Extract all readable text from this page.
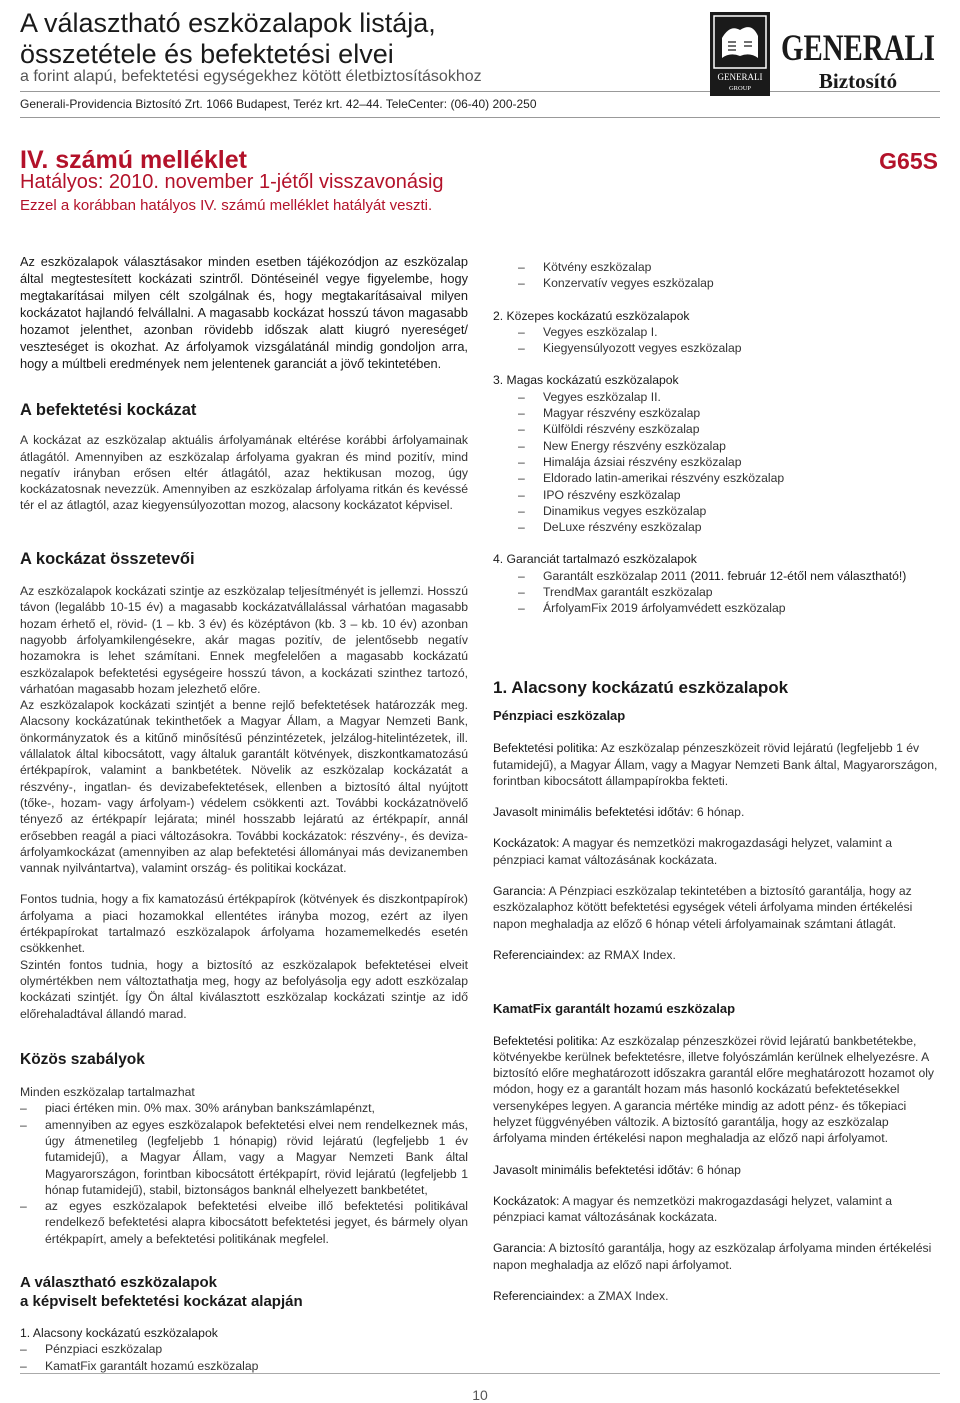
A választható eszközalapok listája,
összetétele és befektetési elvei
a forint alapú, befektetési egységekhez kötött életbiztosításokhoz
Generali-Providencia Biztosító Zrt. 1066 Budapest, Teréz krt. 42–44. TeleCenter: (06-40) 200-250
GENERALI
GROUP
GENERALI
Biztosító
IV. számú melléklet
Hatályos: 2010. november 1-jétől visszavonásig
Ezzel a korábban hatályos IV. számú melléklet hatályát veszti.
G65S

Az eszközalapok választásakor minden esetben tájékozódjon az eszközalap által megtestesített kockázati szintről. Döntéseinél vegye figyelembe, hogy megtakarításai milyen célt szolgálnak és, hogy megtakarításaival milyen kockázatot hajlandó felvállalni. A magasabb kockázat hosszú távon magasabb hozamot jelenthet, azonban rövidebb időszak alatt kiugró nyereséget/ veszteséget is okozhat. Az árfolyamok vizsgálatánál mindig gondoljon arra, hogy a múltbeli eredmények nem jelentenek garanciát a jövő tekintetében.

A befektetési kockázat

A kockázat az eszközalap aktuális árfolyamának eltérése korábbi árfolyamainak átlagától. Amennyiben az eszközalap árfolyama gyakran és mind pozitív, mind negatív irányban erősen eltér átlagától, azaz hektikusan mozog, úgy kockázatosnak nevezzük. Amennyiben az eszközalap árfolyama ritkán és kevéssé tér el az átlagtól, azaz kiegyensúlyozottan mozog, alacsony kockázatot képvisel.

A kockázat összetevői

Az eszközalapok kockázati szintje az eszközalap teljesítményét is jellemzi. Hosszú távon (legalább 10-15 év) a magasabb kockázatvállalással várhatóan magasabb hozam érhető el, rövid- (1 – kb. 3 év) és középtávon (kb. 3 – kb. 10 év) azonban nagyobb árfolyamkilengésekre, akár magas pozitív, de jelentősebb negatív hozamokra is lehet számítani. Ennek megfelelően a magasabb kockázatú eszközalapok befektetési egységeire hosszú távon, a kockázati szinthez tartozó, várhatóan magasabb hozam jelezhető előre.

Az eszközalapok kockázati szintjét a benne rejlő befektetések határozzák meg. Alacsony kockázatúnak tekinthetőek a Magyar Állam, a Magyar Nemzeti Bank, önkormányzatok és a kitűnő minősítésű pénzintézetek, jelzálog-hitelintézetek, ill. vállalatok által kibocsátott, vagy általuk garantált kötvények, diszkontkamatozású értékpapírok, valamint a bankbetétek. Növelik az eszközalap kockázatát a részvény-, ingatlan- és devizabefektetések, ellenben a biztosító által nyújtott (tőke-, hozam- vagy árfolyam-) védelem csökkenti azt. További kockázatnövelő tényező az értékpapír lejárata; minél hosszabb lejáratú az értékpapír, annál erősebben reagál a piaci változásokra. További kockázatok: részvény-, és deviza-árfolyamkockázat (amennyiben az alap befektetési állományai más devizanemben vannak nyilvántartva), valamint ország- és politikai kockázat.

Fontos tudnia, hogy a fix kamatozású értékpapírok (kötvények és diszkontpapírok) árfolyama a piaci hozamokkal ellentétes irányba mozog, ezért az ilyen értékpapírokat tartalmazó eszközalapok árfolyama hozamemelkedés esetén csökkenhet.

Szintén fontos tudnia, hogy a biztosító az eszközalapok befektetései elveit olymértékben nem változtathatja meg, hogy az befolyásolja egy adott eszközalap kockázati szintjét. Így Ön által kiválasztott eszközalap kockázati szintje az idő előrehaladtával állandó marad.

Közös szabályok

Minden eszközalap tartalmazhat

– piaci értéken min. 0% max. 30% arányban bankszámlapénzt,
– amennyiben az egyes eszközalapok befektetési elvei nem rendelkeznek más, úgy átmenetileg (legfeljebb 1 hónapig) rövid lejáratú (legfeljebb 1 év futamidejű), a Magyar Állam, vagy a Magyar Nemzeti Bank által Magyarországon, forintban kibocsátott értékpapírt, rövid lejáratú (legfeljebb 1 hónap futamidejű), stabil, biztonságos banknál elhelyezett bankbetétet,
– az egyes eszközalapok befektetési elveibe illő befektetési politikával rendelkező befektetési alapra kibocsátott befektetési jegyet, és bármely olyan értékpapírt, amely a befektetési politikának megfelel.
A választható eszközalapok
a képviselt befektetési kockázat alapján
1. Alacsony kockázatú eszközalapok
– Pénzpiaci eszközalap
– KamatFix garantált hozamú eszközalap
– Kötvény eszközalap
– Konzervatív vegyes eszközalap
2. Közepes kockázatú eszközalapok
– Vegyes eszközalap I.
– Kiegyensúlyozott vegyes eszközalap
3. Magas kockázatú eszközalapok
– Vegyes eszközalap II.
– Magyar részvény eszközalap
– Külföldi részvény eszközalap
– New Energy részvény eszközalap
– Himalája ázsiai részvény eszközalap
– Eldorado latin-amerikai részvény eszközalap
– IPO részvény eszközalap
– Dinamikus vegyes eszközalap
– DeLuxe részvény eszközalap
4. Garanciát tartalmazó eszközalapok
– Garantált eszközalap 2011 (2011. február 12-étől nem választható!)
– TrendMax garantált eszközalap
– ÁrfolyamFix 2019 árfolyamvédett eszközalap
1. Alacsony kockázatú eszközalapok
Pénzpiaci eszközalap

Befektetési politika: Az eszközalap pénzeszközeit rövid lejáratú (legfeljebb 1 év futamidejű), a Magyar Állam, vagy a Magyar Nemzeti Bank által, Magyarországon, forintban kibocsátott állampapírokba fekteti.

Javasolt minimális befektetési időtáv: 6 hónap.

Kockázatok: A magyar és nemzetközi makrogazdasági helyzet, valamint a pénzpiaci kamat változásának kockázata.

Garancia: A Pénzpiaci eszközalap tekintetében a biztosító garantálja, hogy az eszközalaphoz kötött befektetési egységek vételi árfolyama minden értékelési napon meghaladja az előző 6 hónap vételi árfolyamainak számtani átlagát.

Referenciaindex: az RMAX Index.

KamatFix garantált hozamú eszközalap

Befektetési politika: Az eszközalap pénzeszközei rövid lejáratú bankbetétekbe, kötvényekbe kerülnek befektetésre, illetve folyószámlán kerülnek elhelyezésre. A biztosító előre meghatározott időszakra garantál előre meghatározott hozamot oly módon, hogy ez a garantált hozam más hasonló kockázatú befektetésekkel versenyképes legyen. A garancia mértéke mindig az adott pénz- és tőkepiaci helyzet függvényében változik. A biztosító garantálja, hogy az eszközalap árfolyama minden értékelési napon meghaladja az előző napi árfolyamot.

Javasolt minimális befektetési időtáv: 6 hónap

Kockázatok: A magyar és nemzetközi makrogazdasági helyzet, valamint a pénzpiaci kamat változásának kockázata.

Garancia: A biztosító garantálja, hogy az eszközalap árfolyama minden értékelési napon meghaladja az előző napi árfolyamot.

Referenciaindex: a ZMAX Index.

10
